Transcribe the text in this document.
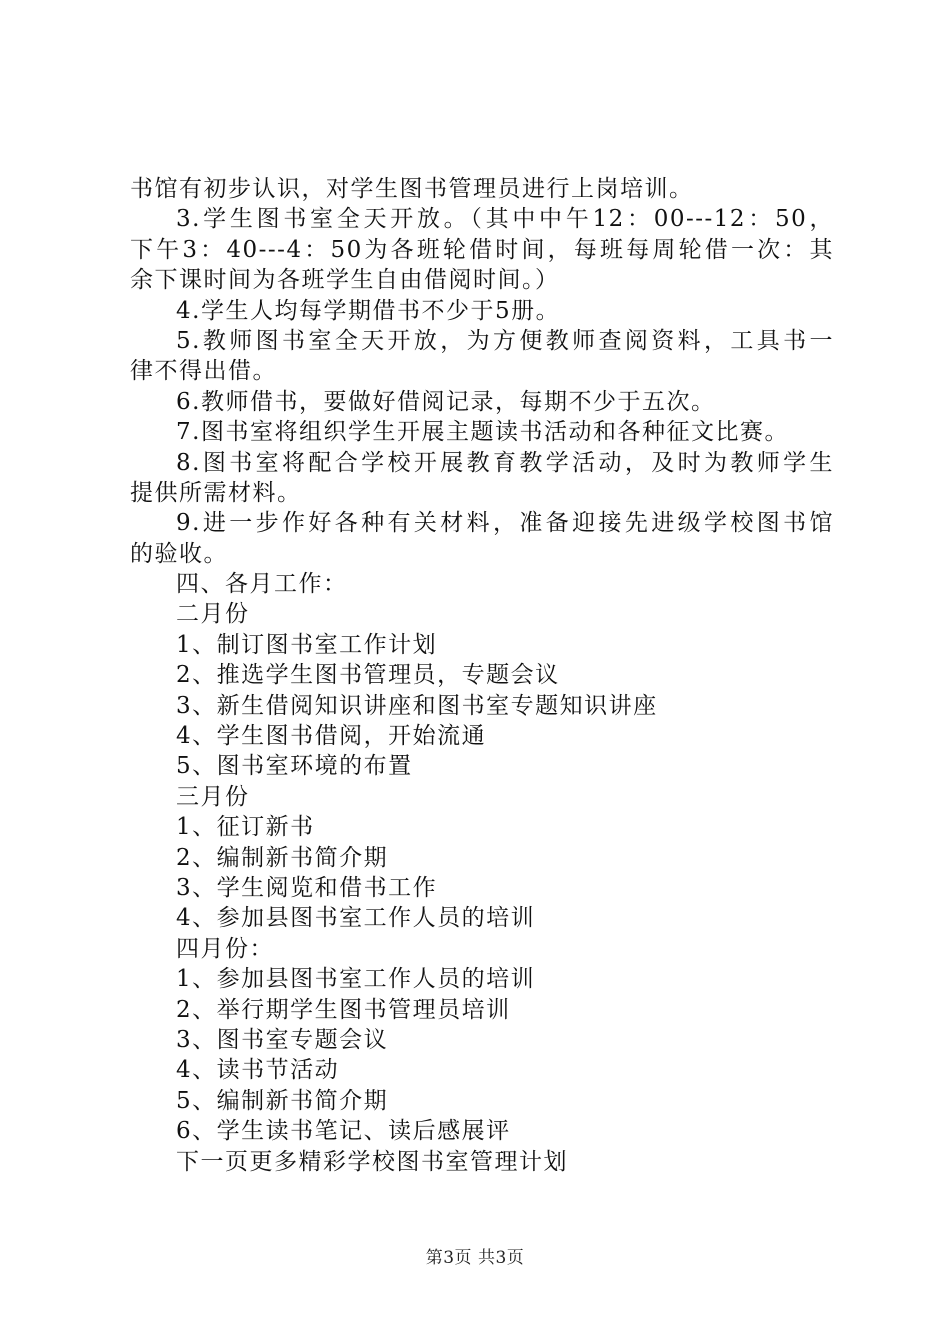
书馆有初步认识，对学生图书管理员进行上岗培训。
3.学生图书室全天开放。（其中中午12：00---12：50，
下午3：40---4：50为各班轮借时间，每班每周轮借一次：其
余下课时间为各班学生自由借阅时间。）
4.学生人均每学期借书不少于5册。
5.教师图书室全天开放，为方便教师查阅资料，工具书一
律不得出借。
6.教师借书，要做好借阅记录，每期不少于五次。
7.图书室将组织学生开展主题读书活动和各种征文比赛。
8.图书室将配合学校开展教育教学活动，及时为教师学生
提供所需材料。
9.进一步作好各种有关材料，准备迎接先进级学校图书馆
的验收。
四、各月工作：
二月份
1、制订图书室工作计划
2、推选学生图书管理员，专题会议
3、新生借阅知识讲座和图书室专题知识讲座
4、学生图书借阅，开始流通
5、图书室环境的布置
三月份
1、征订新书
2、编制新书简介期
3、学生阅览和借书工作
4、参加县图书室工作人员的培训
四月份：
1、参加县图书室工作人员的培训
2、举行期学生图书管理员培训
3、图书室专题会议
4、读书节活动
5、编制新书简介期
6、学生读书笔记、读后感展评
下一页更多精彩学校图书室管理计划
第3页 共3页
